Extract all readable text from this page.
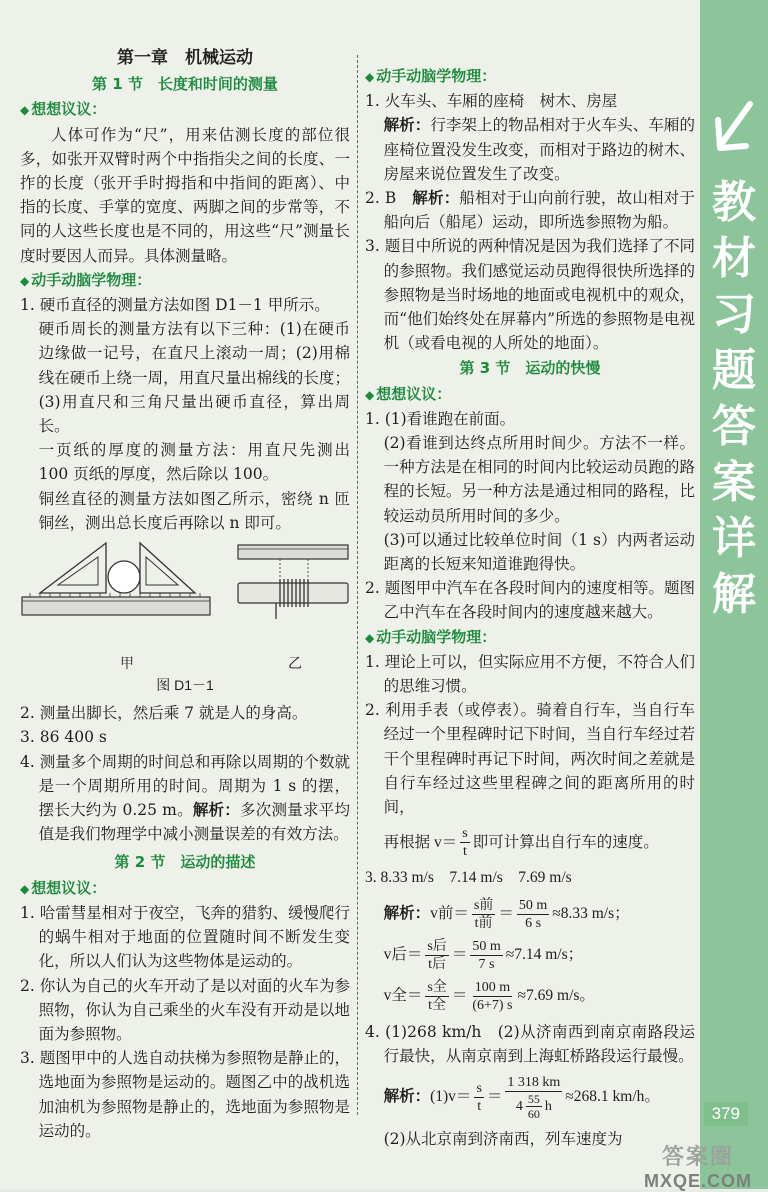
教材习题答案详解
379
答案圈
MXQE.COM
第一章　机械运动
第 1 节　长度和时间的测量
◆ 想想议议：

人体可作为“尺”，用来估测长度的部位很多，如张开双臂时两个中指指尖之间的长度、一拃的长度（张开手时拇指和中指间的距离）、中指的长度、手掌的宽度、两脚之间的步常等，不同的人这些长度也是不同的，用这些“尺”测量长度时要因人而异。具体测量略。

◆ 动手动脑学物理：

1. 硬币直径的测量方法如图 D1－1 甲所示。

硬币周长的测量方法有以下三种：(1)在硬币边缘做一记号，在直尺上滚动一周；(2)用棉线在硬币上绕一周，用直尺量出棉线的长度；(3)用直尺和三角尺量出硬币直径，算出周长。

一页纸的厚度的测量方法：用直尺先测出 100 页纸的厚度，然后除以 100。

铜丝直径的测量方法如图乙所示，密绕 n 匝铜丝，测出总长度后再除以 n 即可。

甲	乙
图 D1－1

2. 测量出脚长，然后乘 7 就是人的身高。

3. 86 400 s

4. 测量多个周期的时间总和再除以周期的个数就是一个周期所用的时间。周期为 1 s 的摆，摆长大约为 0.25 m。解析：多次测量求平均值是我们物理学中减小测量误差的有效方法。

第 2 节　运动的描述
◆ 想想议议：

1. 哈雷彗星相对于夜空，飞奔的猎豹、缓慢爬行的蜗牛相对于地面的位置随时间不断发生变化，所以人们认为这些物体是运动的。

2. 你认为自己的火车开动了是以对面的火车为参照物，你认为自己乘坐的火车没有开动是以地面为参照物。

3. 题图甲中的人选自动扶梯为参照物是静止的，选地面为参照物是运动的。题图乙中的战机选加油机为参照物是静止的，选地面为参照物是运动的。

◆ 动手动脑学物理：

1. 火车头、车厢的座椅　树木、房屋

解析：行李架上的物品相对于火车头、车厢的座椅位置没发生改变，而相对于路边的树木、房屋来说位置发生了改变。

2. B　解析：船相对于山向前行驶，故山相对于船向后（船尾）运动，即所选参照物为船。

3. 题目中所说的两种情况是因为我们选择了不同的参照物。我们感觉运动员跑得很快所选择的参照物是当时场地的地面或电视机中的观众，而“他们始终处在屏幕内”所选的参照物是电视机（或看电视的人所处的地面）。

第 3 节　运动的快慢
◆ 想想议议：

1. (1)看谁跑在前面。

(2)看谁到达终点所用时间少。方法不一样。一种方法是在相同的时间内比较运动员跑的路程的长短。另一种方法是通过相同的路程，比较运动员所用时间的多少。

(3)可以通过比较单位时间（1 s）内两者运动距离的长短来知道谁跑得快。

2. 题图甲中汽车在各段时间内的速度相等。题图乙中汽车在各段时间内的速度越来越大。

◆ 动手动脑学物理：

1. 理论上可以，但实际应用不方便，不符合人们的思维习惯。

2. 利用手表（或停表）。骑着自行车，当自行车经过一个里程碑时记下时间，当自行车经过若干个里程碑时再记下时间，两次时间之差就是自行车经过这些里程碑之间的距离所用的时间，

再根据 $v= \frac{s}{t}$ 即可计算出自行车的速度。

3. 8.33 m/s　7.14 m/s　7.69 m/s

解析： v前＝ $\frac{\text{s前}}{\text{t前}} = \frac{50 m}{6 s} \approx 8.33$ m/s；
v后＝ $\frac{\text{s后}}{\text{t后}} = \frac{50 m}{7 s} \approx 7.14$ m/s；
v全＝ $\frac{\text{s全}}{\text{t全}} = \frac{100 m}{(6+7) s} \approx 7.69$ m/s。

4. (1)268 km/h　(2)从济南西到南京南路段运行最快，从南京南到上海虹桥路段运行最慢。

解析： $(1)v= \frac{s}{t} = \frac{1 318 km}{4 \frac{55}{60} h} \approx 268.1$ km/h。

(2)从北京南到济南西，列车速度为
